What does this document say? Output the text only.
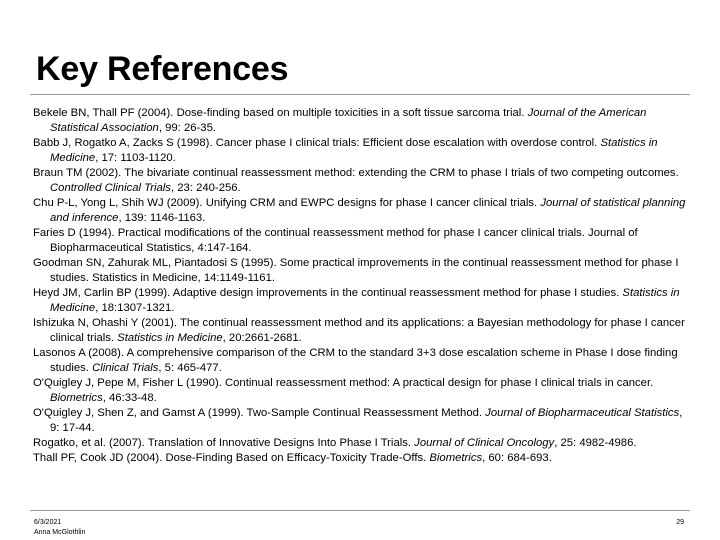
Key References
Bekele BN, Thall PF (2004). Dose-finding based on multiple toxicities in a soft tissue sarcoma trial. Journal of the American Statistical Association, 99: 26-35.
Babb J, Rogatko A, Zacks S (1998). Cancer phase I clinical trials: Efficient dose escalation with overdose control. Statistics in Medicine, 17: 1103-1120.
Braun TM (2002). The bivariate continual reassessment method: extending the CRM to phase I trials of two competing outcomes. Controlled Clinical Trials, 23: 240-256.
Chu P-L, Yong L, Shih WJ (2009). Unifying CRM and EWPC designs for phase I cancer clinical trials. Journal of statistical planning and inference, 139: 1146-1163.
Faries D (1994). Practical modifications of the continual reassessment method for phase I cancer clinical trials. Journal of Biopharmaceutical Statistics, 4:147-164.
Goodman SN, Zahurak ML, Piantadosi S (1995). Some practical improvements in the continual reassessment method for phase I studies. Statistics in Medicine, 14:1149-1161.
Heyd JM, Carlin BP (1999). Adaptive design improvements in the continual reassessment method for phase I studies. Statistics in Medicine, 18:1307-1321.
Ishizuka N, Ohashi Y (2001). The continual reassessment method and its applications: a Bayesian methodology for phase I cancer clinical trials. Statistics in Medicine, 20:2661-2681.
Lasonos A (2008). A comprehensive comparison of the CRM to the standard 3+3 dose escalation scheme in Phase I dose finding studies. Clinical Trials, 5: 465-477.
O'Quigley J, Pepe M, Fisher L (1990). Continual reassessment method: A practical design for phase I clinical trials in cancer. Biometrics, 46:33-48.
O'Quigley J, Shen Z, and Gamst A (1999). Two-Sample Continual Reassessment Method. Journal of Biopharmaceutical Statistics, 9: 17-44.
Rogatko, et al. (2007). Translation of Innovative Designs Into Phase I Trials. Journal of Clinical Oncology, 25: 4982-4986.
Thall PF, Cook JD (2004). Dose-Finding Based on Efficacy-Toxicity Trade-Offs. Biometrics, 60: 684-693.
6/3/2021
Anna McGlothlin
29
